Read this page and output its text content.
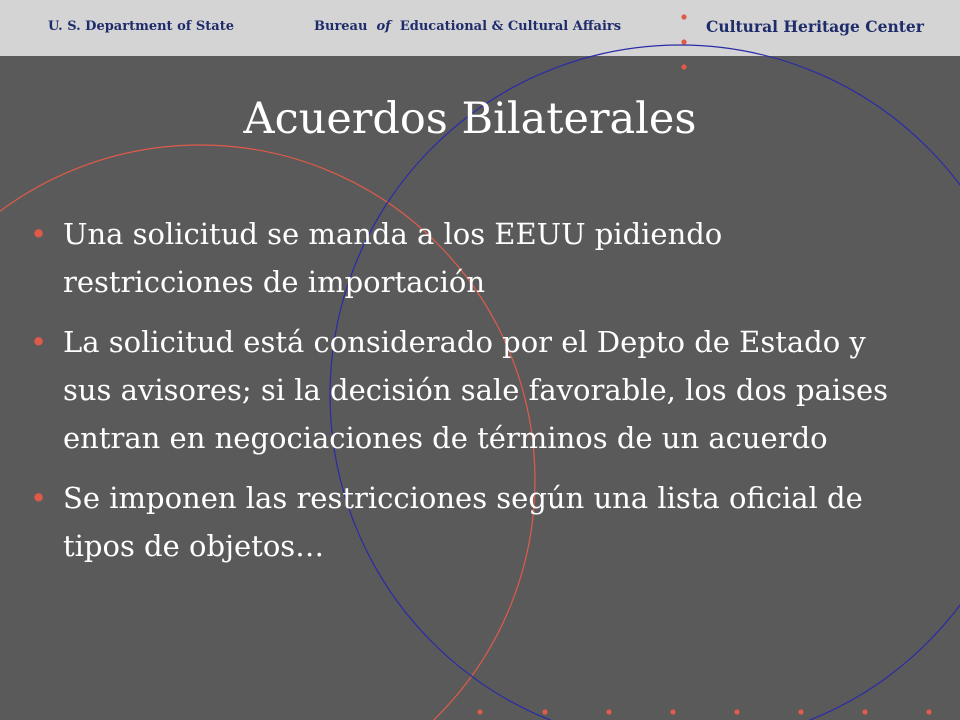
U. S. Department of State	Bureau of Educational & Cultural Affairs	Cultural Heritage Center
Acuerdos Bilaterales
• Una solicitud se manda a los EEUU pidiendo restricciones de importación
• La solicitud está considerado por el Depto de Estado y sus avisores; si la decisión sale favorable, los dos paises entran en negociaciones de términos de un acuerdo
• Se imponen las restricciones según una lista oficial de tipos de objetos…
